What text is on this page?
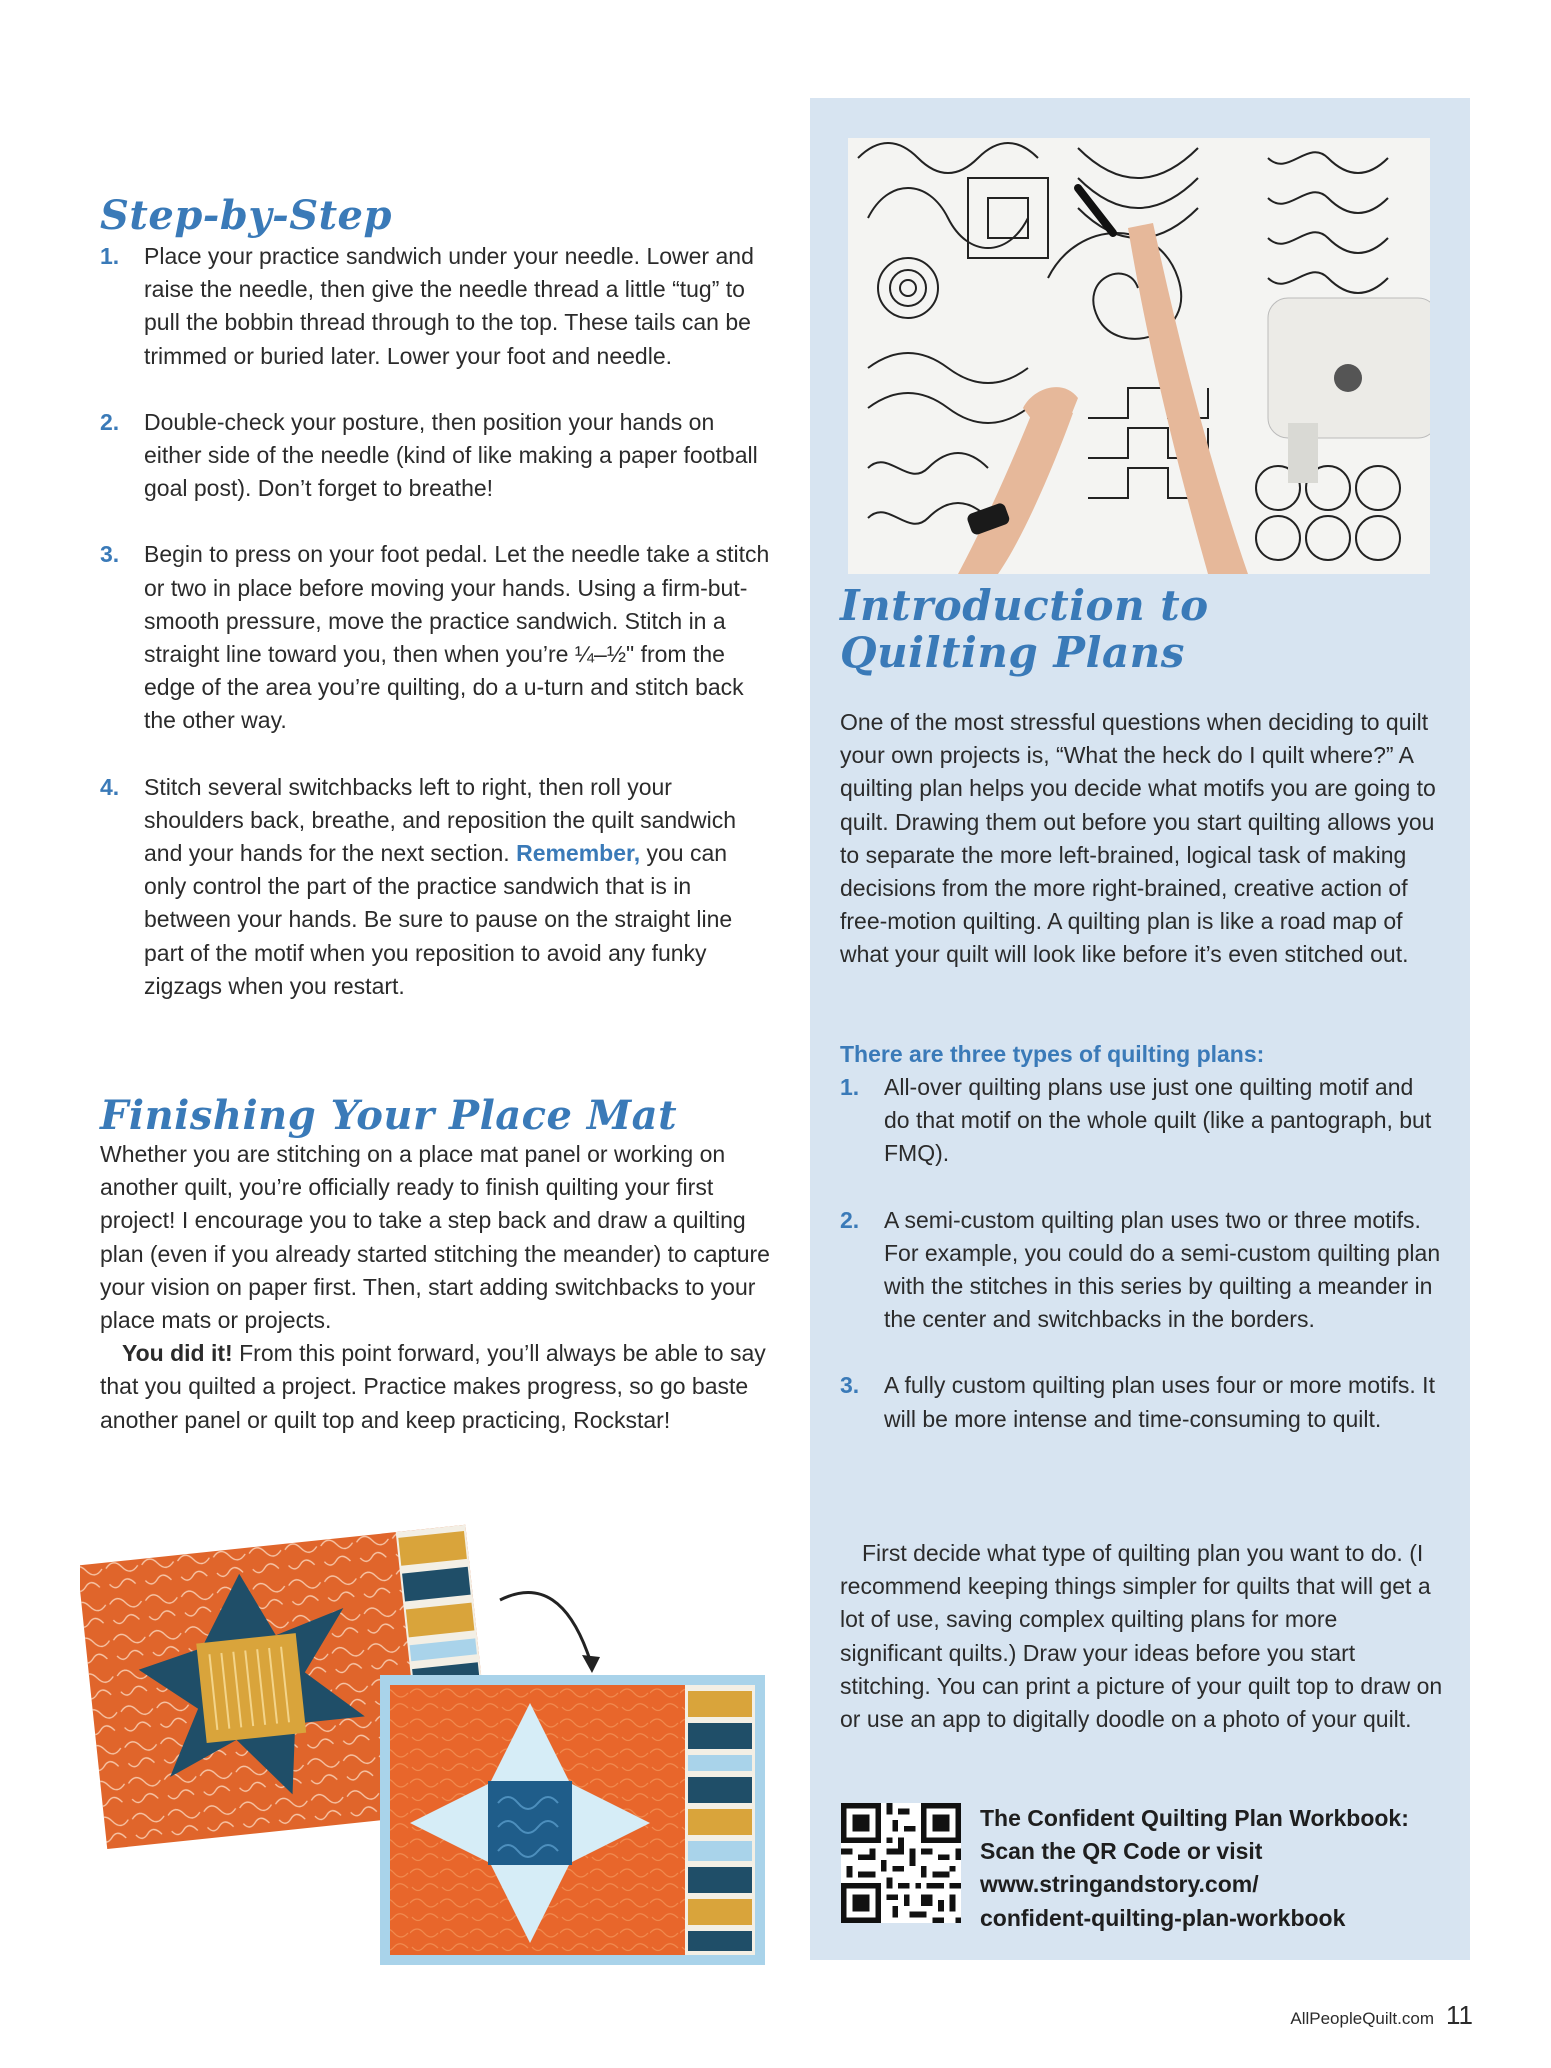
Step-by-Step
1.	Place your practice sandwich under your needle. Lower and raise the needle, then give the needle thread a little “tug” to pull the bobbin thread through to the top. These tails can be trimmed or buried later. Lower your foot and needle.
2.	Double-check your posture, then position your hands on either side of the needle (kind of like making a paper football goal post). Don’t forget to breathe!
3.	Begin to press on your foot pedal. Let the needle take a stitch or two in place before moving your hands. Using a firm-but-smooth pressure, move the practice sandwich. Stitch in a straight line toward you, then when you’re ¼–½" from the edge of the area you’re quilting, do a u-turn and stitch back the other way.
4.	Stitch several switchbacks left to right, then roll your shoulders back, breathe, and reposition the quilt sandwich and your hands for the next section. Remember, you can only control the part of the practice sandwich that is in between your hands. Be sure to pause on the straight line part of the motif when you reposition to avoid any funky zigzags when you restart.
Finishing Your Place Mat
Whether you are stitching on a place mat panel or working on another quilt, you’re officially ready to finish quilting your first project! I encourage you to take a step back and draw a quilting plan (even if you already started stitching the meander) to capture your vision on paper first. Then, start adding switchbacks to your place mats or projects.
You did it! From this point forward, you’ll always be able to say that you quilted a project. Practice makes progress, so go baste another panel or quilt top and keep practicing, Rockstar!
Introduction to
Quilting Plans
One of the most stressful questions when deciding to quilt your own projects is, “What the heck do I quilt where?” A quilting plan helps you decide what motifs you are going to quilt. Drawing them out before you start quilting allows you to separate the more left-brained, logical task of making decisions from the more right-brained, creative action of free-motion quilting. A quilting plan is like a road map of what your quilt will look like before it’s even stitched out.
There are three types of quilting plans:
1.	All-over quilting plans use just one quilting motif and do that motif on the whole quilt (like a pantograph, but FMQ).
2.	A semi-custom quilting plan uses two or three motifs. For example, you could do a semi-custom quilting plan with the stitches in this series by quilting a meander in the center and switchbacks in the borders.
3.	A fully custom quilting plan uses four or more motifs. It will be more intense and time-consuming to quilt.
First decide what type of quilting plan you want to do. (I recommend keeping things simpler for quilts that will get a lot of use, saving complex quilting plans for more significant quilts.) Draw your ideas before you start stitching. You can print a picture of your quilt top to draw on or use an app to digitally doodle on a photo of your quilt.
The Confident Quilting Plan Workbook:
Scan the QR Code or visit
www.stringandstory.com/
confident-quilting-plan-workbook
AllPeopleQuilt.com 11
